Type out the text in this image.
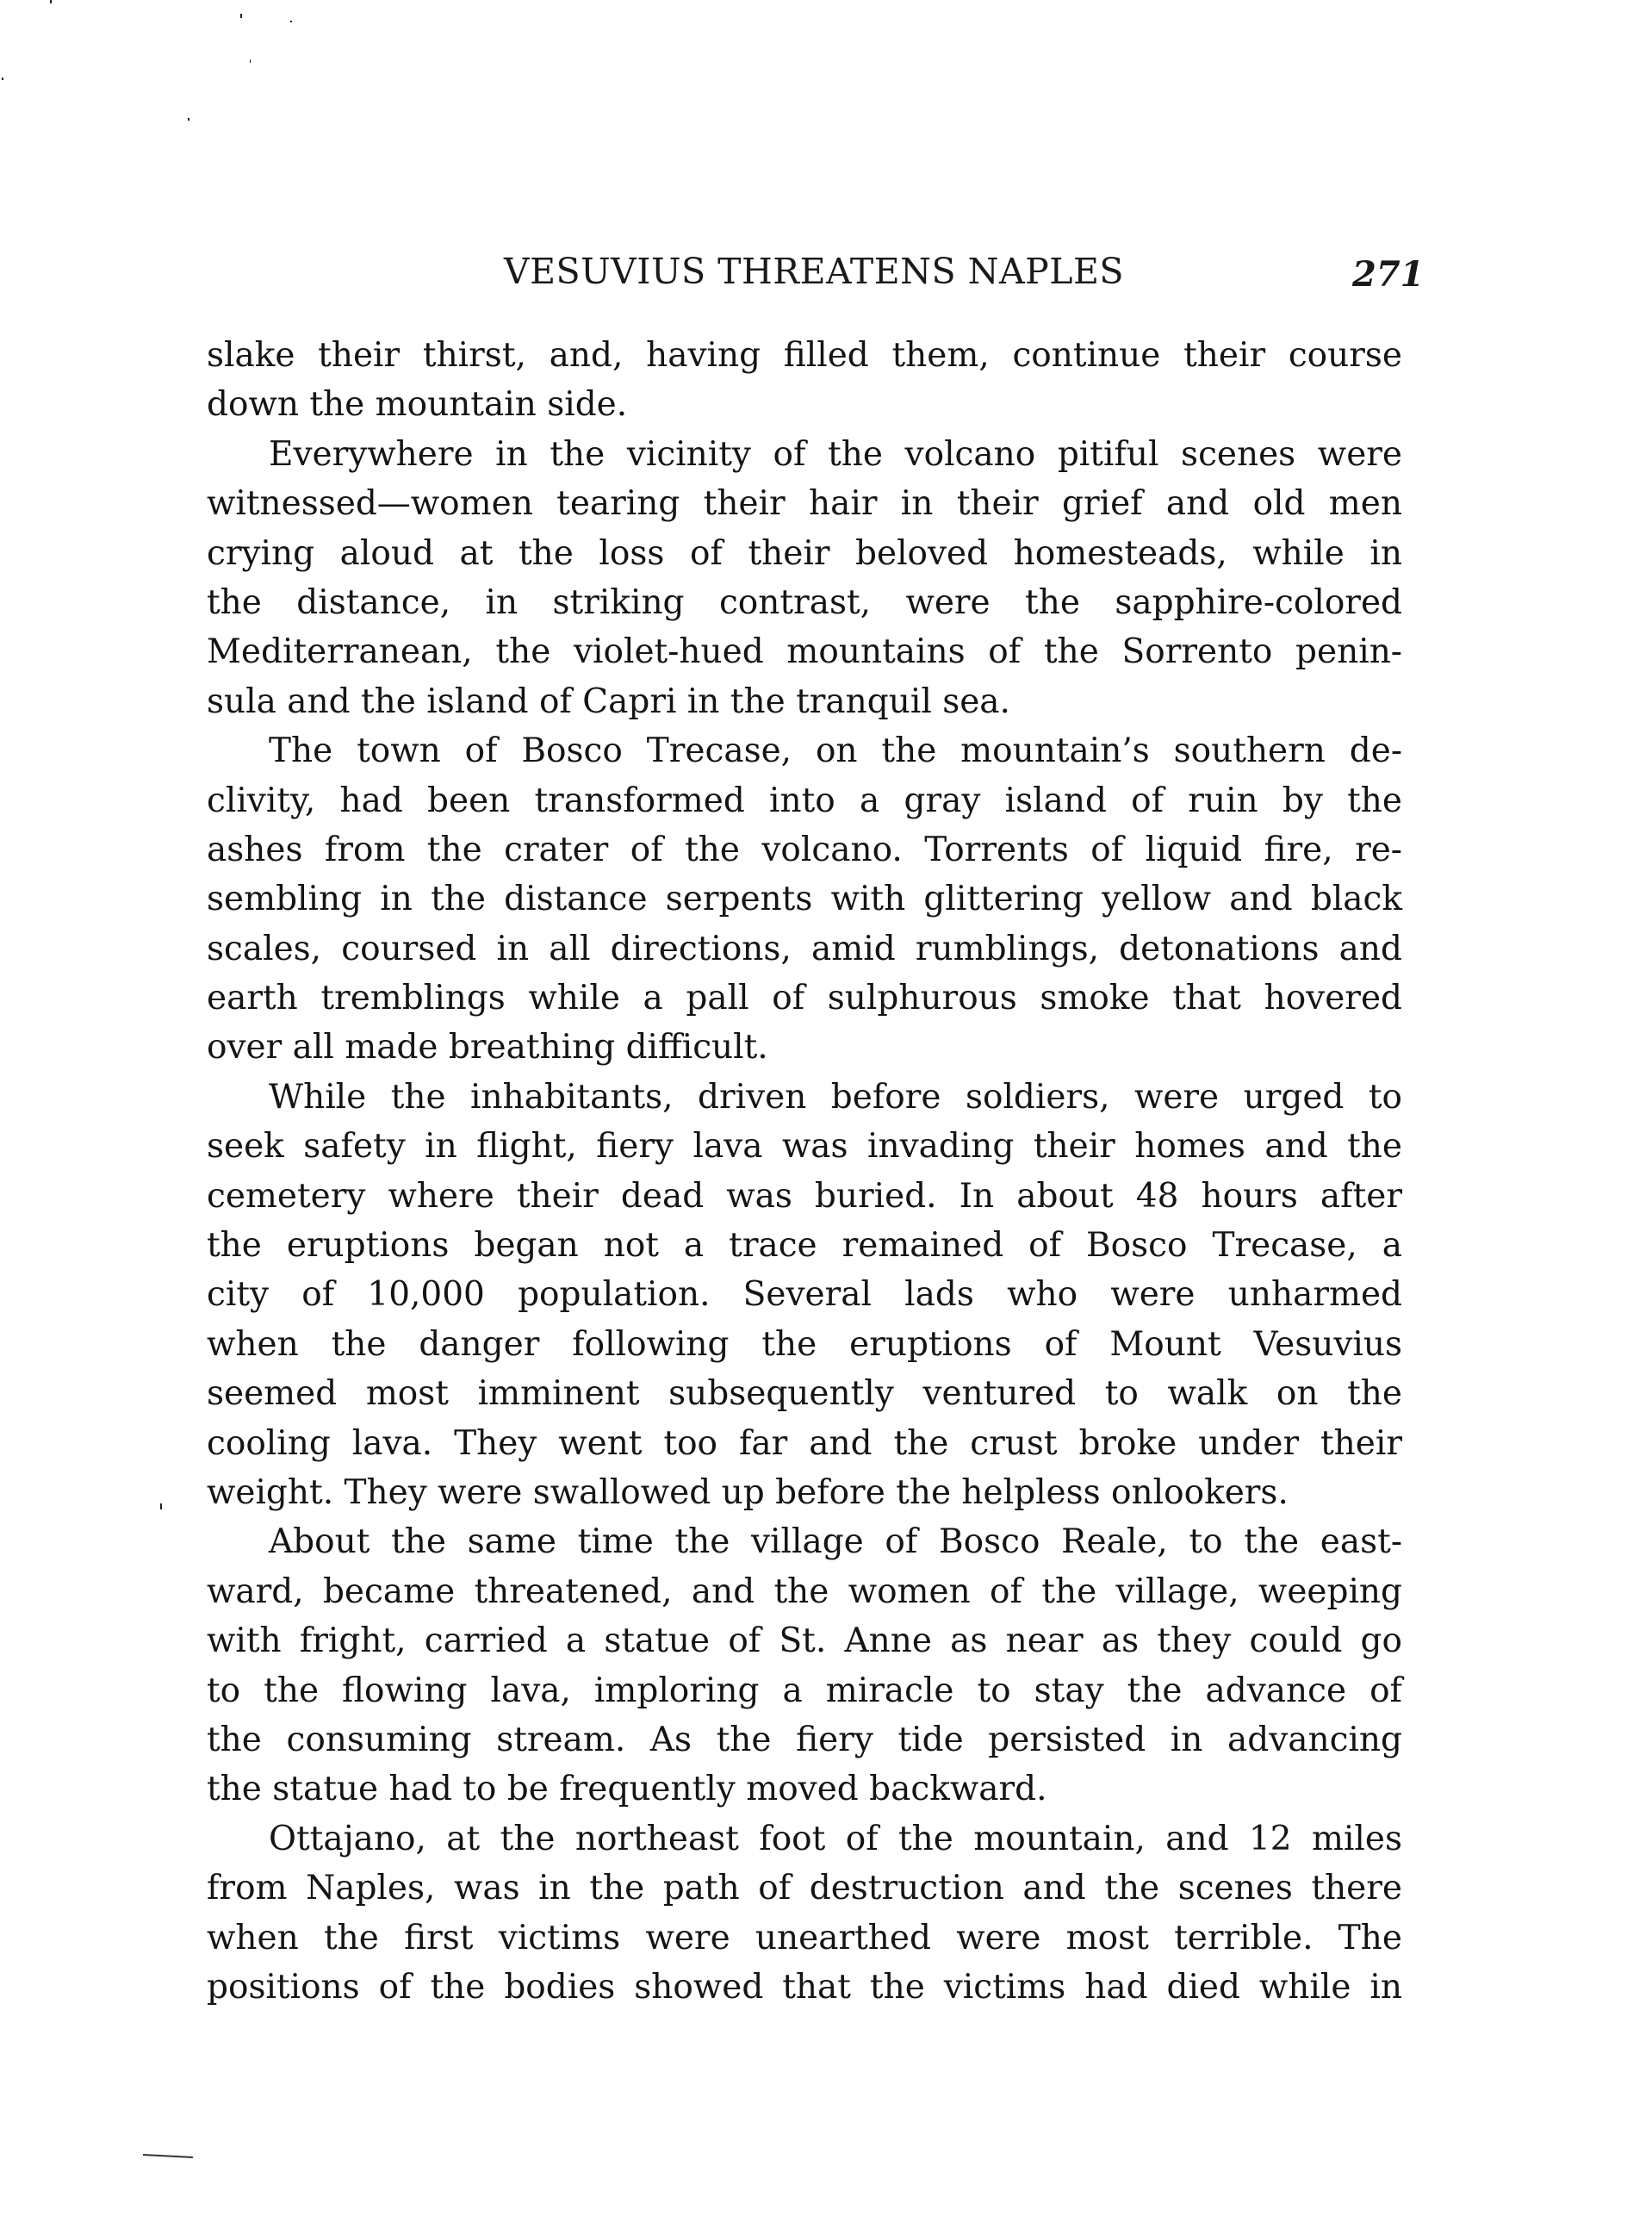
VESUVIUS THREATENS NAPLES	271
slake their thirst, and, having filled them, continue their course
down the mountain side.
Everywhere in the vicinity of the volcano pitiful scenes were
witnessed—women tearing their hair in their grief and old men
crying aloud at the loss of their beloved homesteads, while in
the distance, in striking contrast, were the sapphire-colored
Mediterranean, the violet-hued mountains of the Sorrento penin-
sula and the island of Capri in the tranquil sea.
The town of Bosco Trecase, on the mountain’s southern de-
clivity, had been transformed into a gray island of ruin by the
ashes from the crater of the volcano. Torrents of liquid fire, re-
sembling in the distance serpents with glittering yellow and black
scales, coursed in all directions, amid rumblings, detonations and
earth tremblings while a pall of sulphurous smoke that hovered
over all made breathing difficult.
While the inhabitants, driven before soldiers, were urged to
seek safety in flight, fiery lava was invading their homes and the
cemetery where their dead was buried. In about 48 hours after
the eruptions began not a trace remained of Bosco Trecase, a
city of 10,000 population. Several lads who were unharmed
when the danger following the eruptions of Mount Vesuvius
seemed most imminent subsequently ventured to walk on the
cooling lava. They went too far and the crust broke under their
weight. They were swallowed up before the helpless onlookers.
About the same time the village of Bosco Reale, to the east-
ward, became threatened, and the women of the village, weeping
with fright, carried a statue of St. Anne as near as they could go
to the flowing lava, imploring a miracle to stay the advance of
the consuming stream. As the fiery tide persisted in advancing
the statue had to be frequently moved backward.
Ottajano, at the northeast foot of the mountain, and 12 miles
from Naples, was in the path of destruction and the scenes there
when the first victims were unearthed were most terrible. The
positions of the bodies showed that the victims had died while in
